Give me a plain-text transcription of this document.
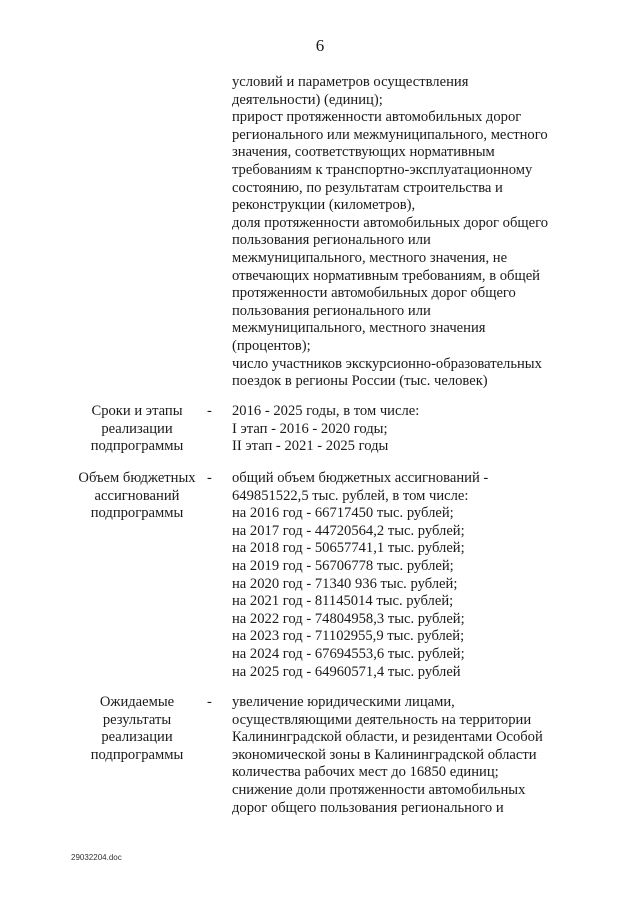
6
условий и параметров осуществления
деятельности) (единиц);
прирост протяженности автомобильных дорог
регионального или межмуниципального, местного
значения, соответствующих нормативным
требованиям к транспортно-эксплуатационному
состоянию, по результатам строительства и
реконструкции (километров),
доля протяженности автомобильных дорог общего
пользования регионального или
межмуниципального, местного значения, не
отвечающих нормативным требованиям, в общей
протяженности автомобильных дорог общего
пользования регионального или
межмуниципального, местного значения
(процентов);
число участников экскурсионно-образовательных
поездок в регионы России (тыс. человек)
Сроки и этапы
реализации
подпрограммы
- 2016 - 2025 годы, в том числе:
I этап - 2016 - 2020 годы;
II этап - 2021 - 2025 годы
Объем бюджетных
ассигнований
подпрограммы
- общий объем бюджетных ассигнований -
649851522,5 тыс. рублей, в том числе:
на 2016 год - 66717450 тыс. рублей;
на 2017 год - 44720564,2 тыс. рублей;
на 2018 год - 50657741,1 тыс. рублей;
на 2019 год - 56706778 тыс. рублей;
на 2020 год - 71340 936 тыс. рублей;
на 2021 год - 81145014 тыс. рублей;
на 2022 год - 74804958,3 тыс. рублей;
на 2023 год - 71102955,9 тыс. рублей;
на 2024 год - 67694553,6 тыс. рублей;
на 2025 год - 64960571,4 тыс. рублей
Ожидаемые
результаты
реализации
подпрограммы
- увеличение юридическими лицами,
осуществляющими деятельность на территории
Калининградской области, и резидентами Особой
экономической зоны в Калининградской области
количества рабочих мест до 16850 единиц;
снижение доли протяженности автомобильных
дорог общего пользования регионального и
29032204.doc
